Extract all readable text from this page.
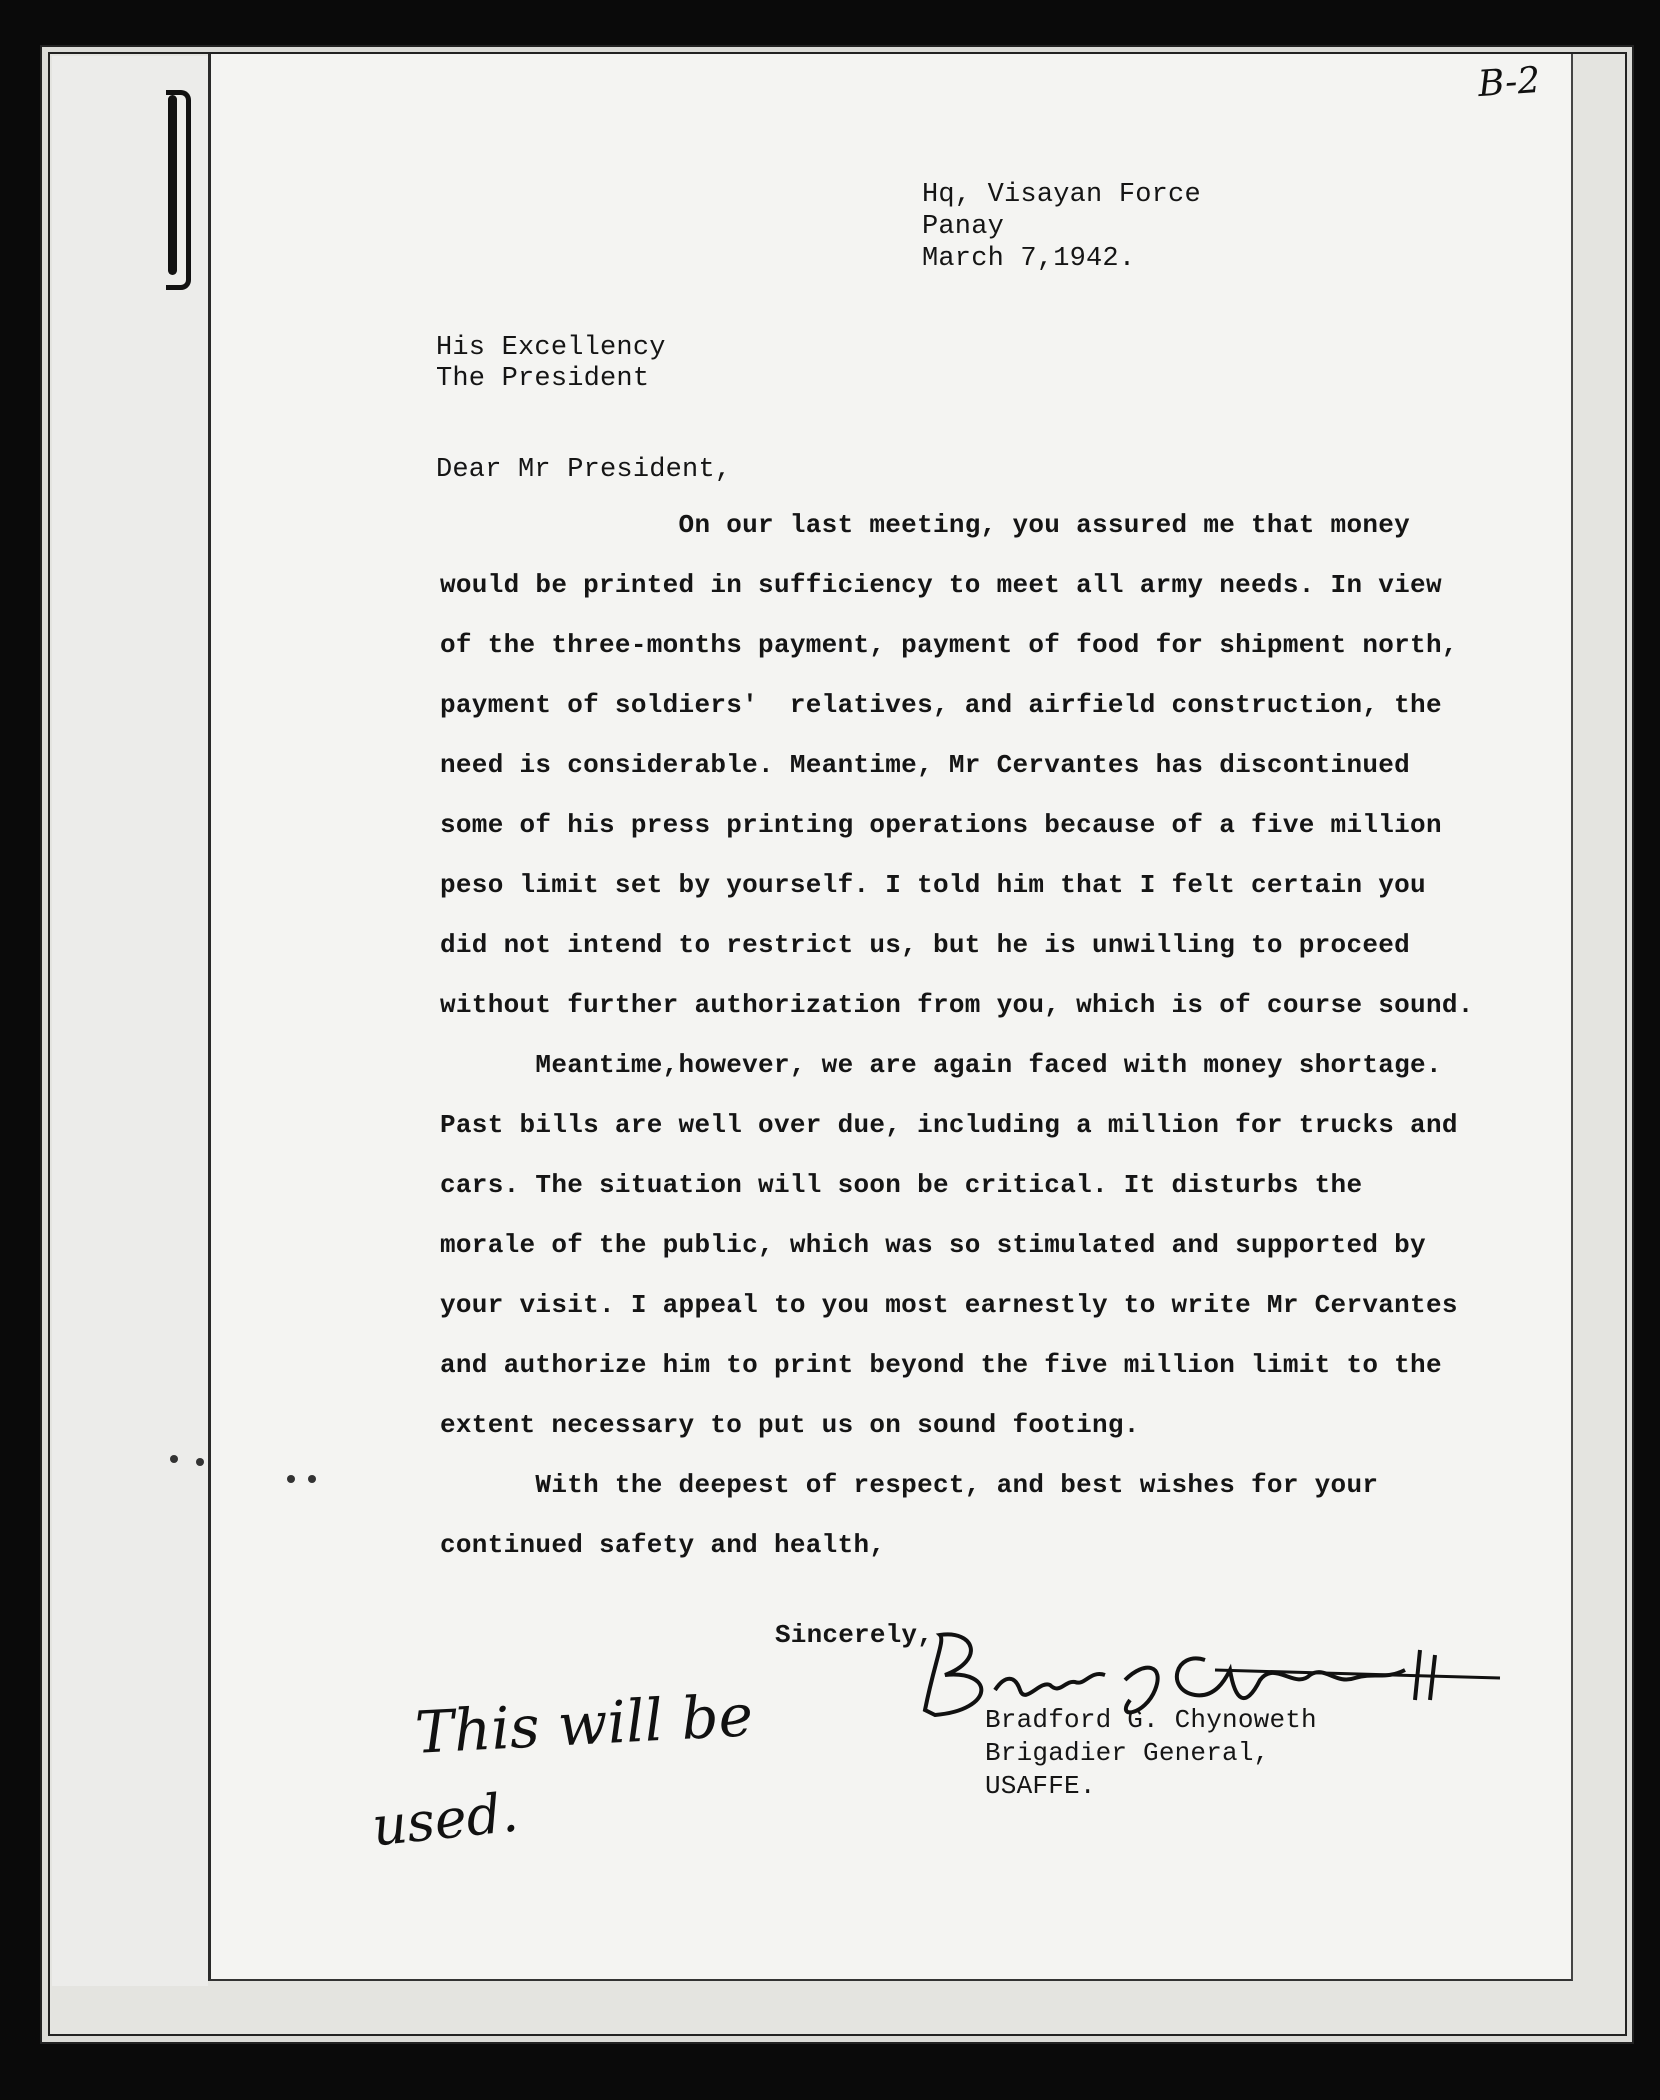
B-2
Hq, Visayan Force
Panay
March 7,1942.
His Excellency
The President
Dear Mr President,
On our last meeting, you assured me that money
would be printed in sufficiency to meet all army needs. In view
of the three-months payment, payment of food for shipment north,
payment of soldiers'  relatives, and airfield construction, the
need is considerable. Meantime, Mr Cervantes has discontinued
some of his press printing operations because of a five million
peso limit set by yourself. I told him that I felt certain you
did not intend to restrict us, but he is unwilling to proceed
without further authorization from you, which is of course sound.
Meantime,however, we are again faced with money shortage.
Past bills are well over due, including a million for trucks and
cars. The situation will soon be critical. It disturbs the
morale of the public, which was so stimulated and supported by
your visit. I appeal to you most earnestly to write Mr Cervantes
and authorize him to print beyond the five million limit to the
extent necessary to put us on sound footing.
With the deepest of respect, and best wishes for your
continued safety and health,
Sincerely,
Bradford G. Chynoweth
Brigadier General,
USAFFE.
This will be
used.
